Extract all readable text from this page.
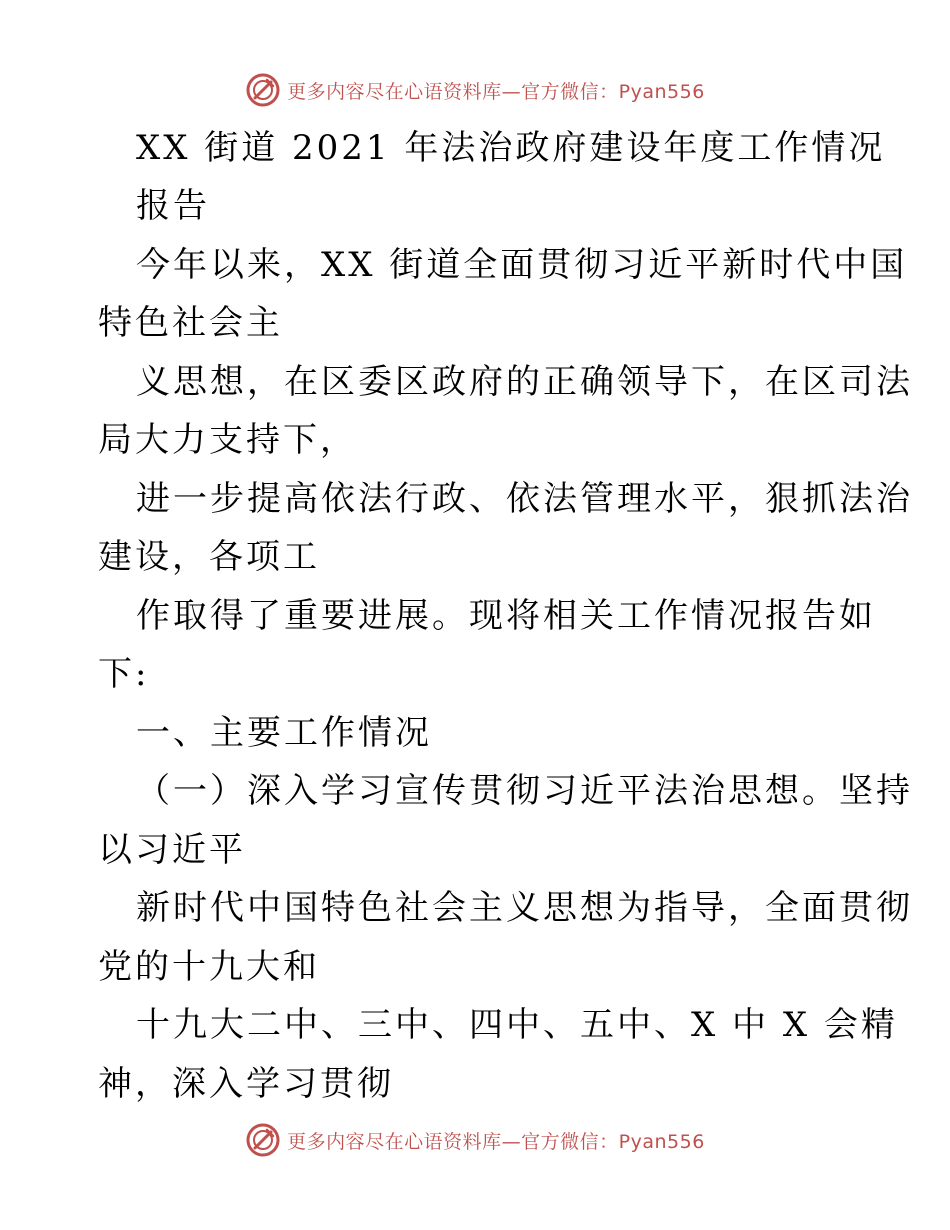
更多内容尽在心语资料库—官方微信：Pyan556
XX 街道 2021 年法治政府建设年度工作情况
报告
今年以来，XX 街道全面贯彻习近平新时代中国
特色社会主
义思想，在区委区政府的正确领导下，在区司法
局大力支持下，
进一步提高依法行政、依法管理水平，狠抓法治
建设，各项工
作取得了重要进展。现将相关工作情况报告如
下:
一、主要工作情况
（一）深入学习宣传贯彻习近平法治思想。坚持
以习近平
新时代中国特色社会主义思想为指导，全面贯彻
党的十九大和
十九大二中、三中、四中、五中、X 中 X 会精
神，深入学习贯彻
更多内容尽在心语资料库—官方微信：Pyan556
